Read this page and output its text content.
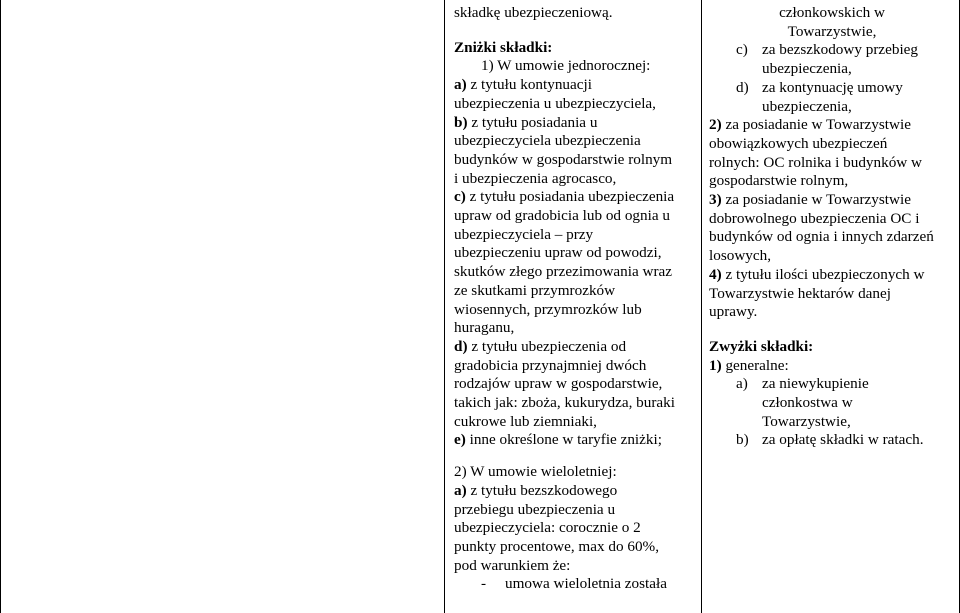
składkę ubezpieczeniową.

Zniżki składki:

1) W umowie jednorocznej:

a) z tytułu kontynuacji

ubezpieczenia u ubezpieczyciela,

b) z tytułu posiadania u

ubezpieczyciela ubezpieczenia

budynków w gospodarstwie rolnym

i ubezpieczenia agrocasco,

c) z tytułu posiadania ubezpieczenia

upraw od gradobicia lub od ognia u

ubezpieczyciela – przy

ubezpieczeniu upraw od powodzi,

skutków złego przezimowania wraz

ze skutkami przymrozków

wiosennych, przymrozków lub

huraganu,

d) z tytułu ubezpieczenia od

gradobicia przynajmniej dwóch

rodzajów upraw w gospodarstwie,

takich jak: zboża, kukurydza, buraki

cukrowe lub ziemniaki,

e) inne określone w taryfie zniżki;

2) W umowie wieloletniej:

a) z tytułu bezszkodowego

przebiegu ubezpieczenia u

ubezpieczyciela: corocznie o 2

punkty procentowe, max do 60%,

pod warunkiem że:

- umowa wieloletnia została

członkowskich w

Towarzystwie,

c) za bezszkodowy przebieg

ubezpieczenia,

d) za kontynuację umowy

ubezpieczenia,

2) za posiadanie w Towarzystwie

obowiązkowych ubezpieczeń

rolnych: OC rolnika i budynków w

gospodarstwie rolnym,

3) za posiadanie w Towarzystwie

dobrowolnego ubezpieczenia OC i

budynków od ognia i innych zdarzeń

losowych,

4) z tytułu ilości ubezpieczonych w

Towarzystwie hektarów danej

uprawy.

Zwyżki składki:

1) generalne:

a) za niewykupienie

członkostwa w

Towarzystwie,

b) za opłatę składki w ratach.
